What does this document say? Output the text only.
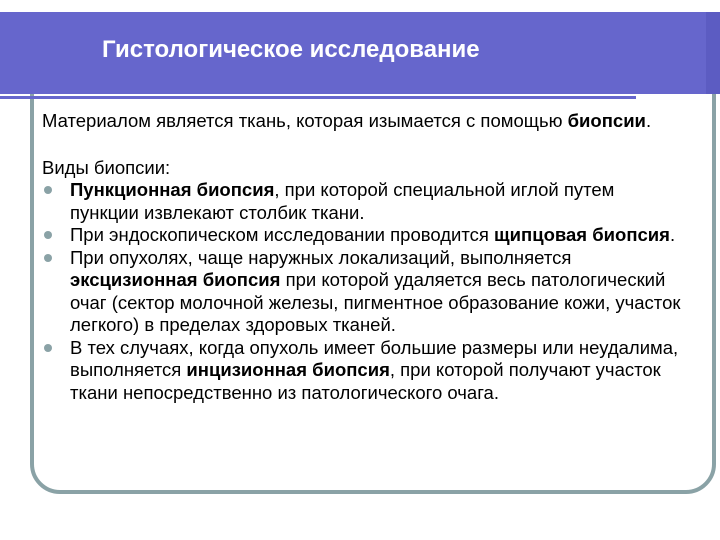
Гистологическое исследование

Материалом является ткань, которая изымается с помощью биопсии.

Виды биопсии:

Пункционная биопсия, при которой специальной иглой путем пункции извлекают столбик ткани.
При эндоскопическом исследовании проводится щипцовая биопсия.
При опухолях, чаще наружных локализаций, выполняется эксцизионная биопсия при которой удаляется весь патологический очаг (сектор молочной железы, пигментное образование кожи, участок легкого) в пределах здоровых тканей.
В тех случаях, когда опухоль имеет большие размеры или неудалима, выполняется инцизионная биопсия, при которой получают участок ткани непосредственно из патологического очага.
